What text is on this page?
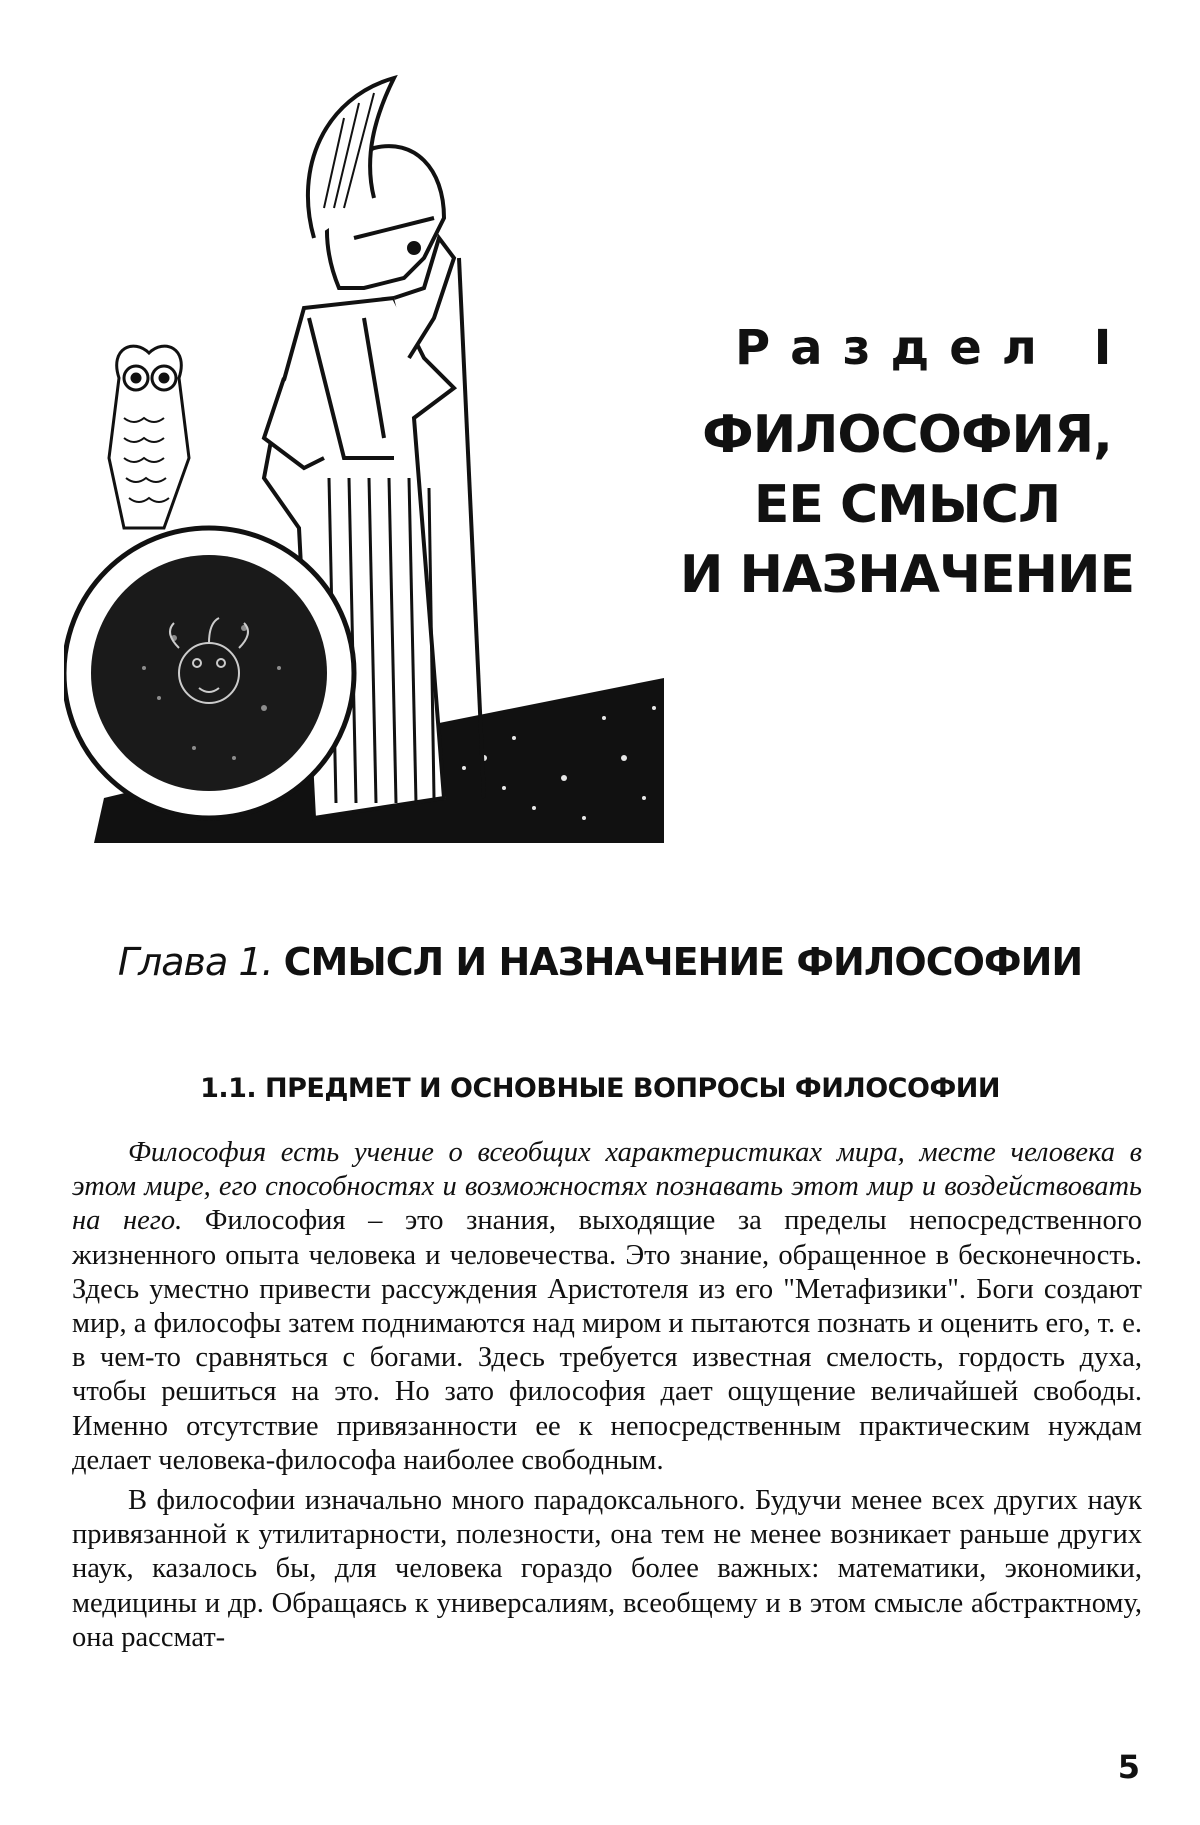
Раздел I
ФИЛОСОФИЯ,
ЕЕ СМЫСЛ
И НАЗНАЧЕНИЕ
Глава 1. СМЫСЛ И НАЗНАЧЕНИЕ ФИЛОСОФИИ
1.1. ПРЕДМЕТ И ОСНОВНЫЕ ВОПРОСЫ ФИЛОСОФИИ

Философия есть учение о всеобщих характеристиках мира, месте человека в этом мире, его способностях и возможностях познавать этот мир и воздействовать на него. Философия – это знания, выходящие за пределы непосредственного жизненного опыта человека и человечества. Это знание, обращенное в бесконечность. Здесь уместно привести рассуждения Аристотеля из его "Метафизики". Боги создают мир, а философы затем поднимаются над миром и пытаются познать и оценить его, т. е. в чем-то сравняться с богами. Здесь требуется известная смелость, гордость духа, чтобы решиться на это. Но зато философия дает ощущение величайшей свободы. Именно отсутствие привязанности ее к непосредственным практическим нуждам делает человека-философа наиболее свободным.

В философии изначально много парадоксального. Будучи менее всех других наук привязанной к утилитарности, полезности, она тем не менее возникает раньше других наук, казалось бы, для человека гораздо более важных: математики, экономики, медицины и др. Обращаясь к универсалиям, всеобщему и в этом смысле абстрактному, она рассмат-

5
